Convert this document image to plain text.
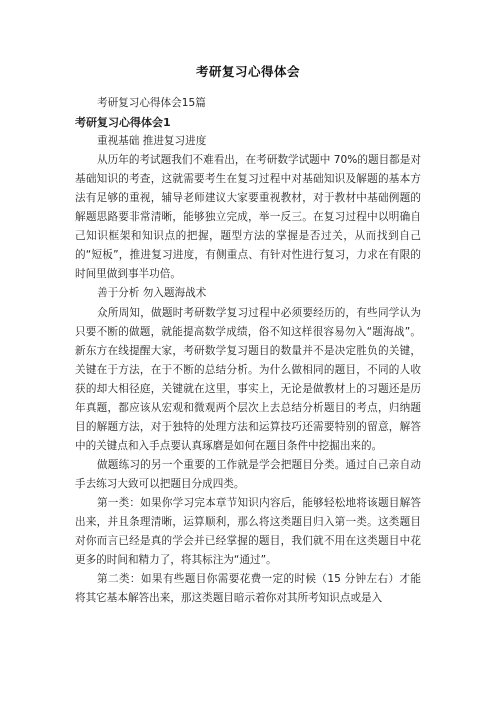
考研复习心得体会

考研复习心得体会15篇

考研复习心得体会1

重视基础 推进复习进度

从历年的考试题我们不难看出，在考研数学试题中 70%的题目都是对基础知识的考查，这就需要考生在复习过程中对基础知识及解题的基本方法有足够的重视，辅导老师建议大家要重视教材，对于教材中基础例题的解题思路要非常清晰，能够独立完成，举一反三。在复习过程中以明确自己知识框架和知识点的把握，题型方法的掌握是否过关，从而找到自己的“短板”，推进复习进度，有侧重点、有针对性进行复习，力求在有限的时间里做到事半功倍。

善于分析 勿入题海战术

众所周知，做题时考研数学复习过程中必须要经历的，有些同学认为只要不断的做题，就能提高数学成绩，俗不知这样很容易勿入“题海战”。新东方在线提醒大家，考研数学复习题目的数量并不是决定胜负的关键，关键在于方法，在于不断的总结分析。为什么做相同的题目，不同的人收获的却大相径庭，关键就在这里，事实上，无论是做教材上的习题还是历年真题，都应该从宏观和微观两个层次上去总结分析题目的考点，归纳题目的解题方法，对于独特的处理方法和运算技巧还需要特别的留意，解答中的关键点和入手点要认真琢磨是如何在题目条件中挖掘出来的。

做题练习的另一个重要的工作就是学会把题目分类。通过自己亲自动手去练习大致可以把题目分成四类。

第一类：如果你学习完本章节知识内容后，能够轻松地将该题目解答出来，并且条理清晰，运算顺利，那么将这类题目归入第一类。这类题目对你而言已经是真的学会并已经掌握的题目，我们就不用在这类题目中花更多的时间和精力了，将其标注为“通过”。

第二类：如果有些题目你需要花费一定的时候（15 分钟左右）才能将其它基本解答出来，那这类题目暗示着你对其所考知识点或是入
